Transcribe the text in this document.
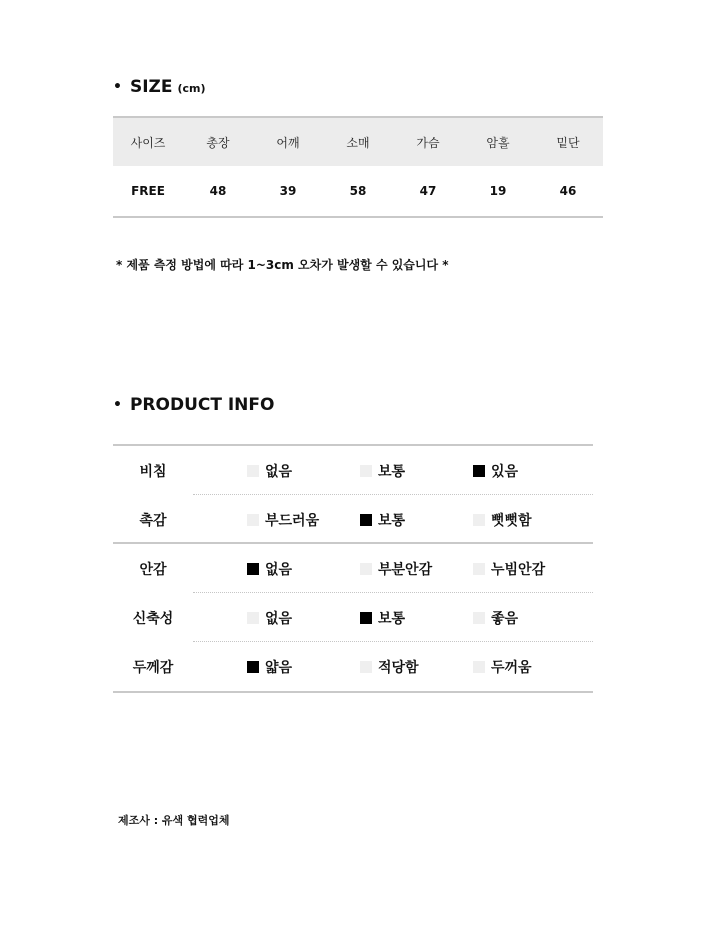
• SIZE (cm)
사이즈	총장	어깨	소매	가슴	암홀	밑단
FREE	48	39	58	47	19	46
* 제품 측정 방법에 따라 1~3cm 오차가 발생할 수 있습니다 *
• PRODUCT INFO
비침	없음	보통	있음
촉감	부드러움	보통	뻣뻣함
안감	없음	부분안감	누빔안감
신축성	없음	보통	좋음
두께감	얇음	적당함	두꺼움
제조사 : 유색 협력업체
